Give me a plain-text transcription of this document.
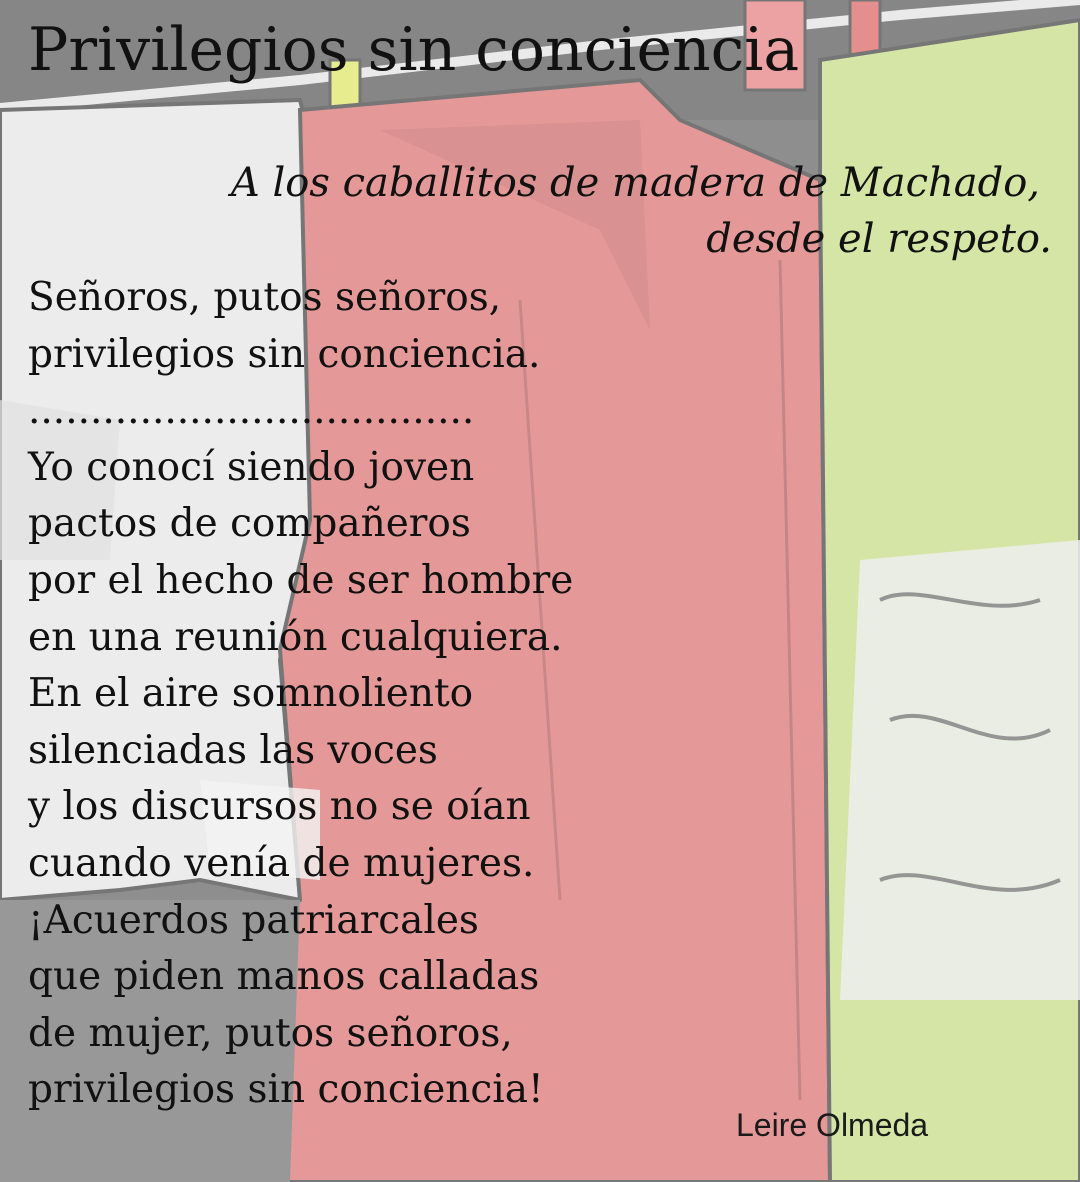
Privilegios sin conciencia
A los caballitos de madera de Machado,
desde el respeto.
Señoros, putos señoros,
privilegios sin conciencia.
....................................
Yo conocí siendo joven
pactos de compañeros
por el hecho de ser hombre
en una reunión cualquiera.
En el aire somnoliento
silenciadas las voces
y los discursos no se oían
cuando venía de mujeres.
¡Acuerdos patriarcales
que piden manos calladas
de mujer, putos señoros,
privilegios sin conciencia!
Leire Olmeda
